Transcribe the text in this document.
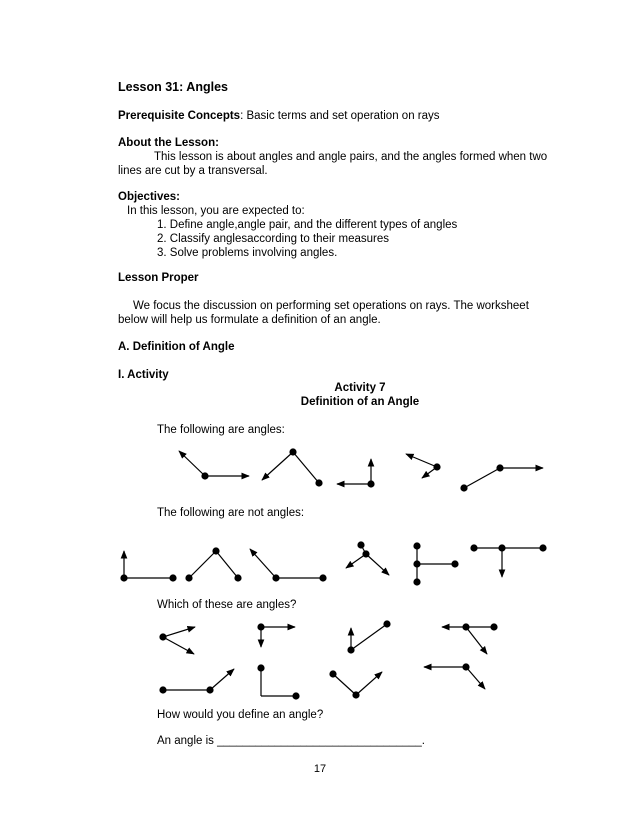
Lesson 31: Angles
Prerequisite Concepts: Basic terms and set operation on rays
About the Lesson:
This lesson is about angles and angle pairs, and the angles formed when two
lines are cut by a transversal.
Objectives:
In this lesson, you are expected to:
1. Define angle,angle pair, and the different types of angles
2. Classify anglesaccording to their measures
3. Solve problems involving angles.
Lesson Proper
We focus the discussion on performing set operations on rays. The worksheet
below will help us formulate a definition of an angle.
A. Definition of Angle
I. Activity
Activity 7
Definition of an Angle
The following are angles:
The following are not angles:
Which of these are angles?
How would you define an angle?
An angle is ________________________________.
17
